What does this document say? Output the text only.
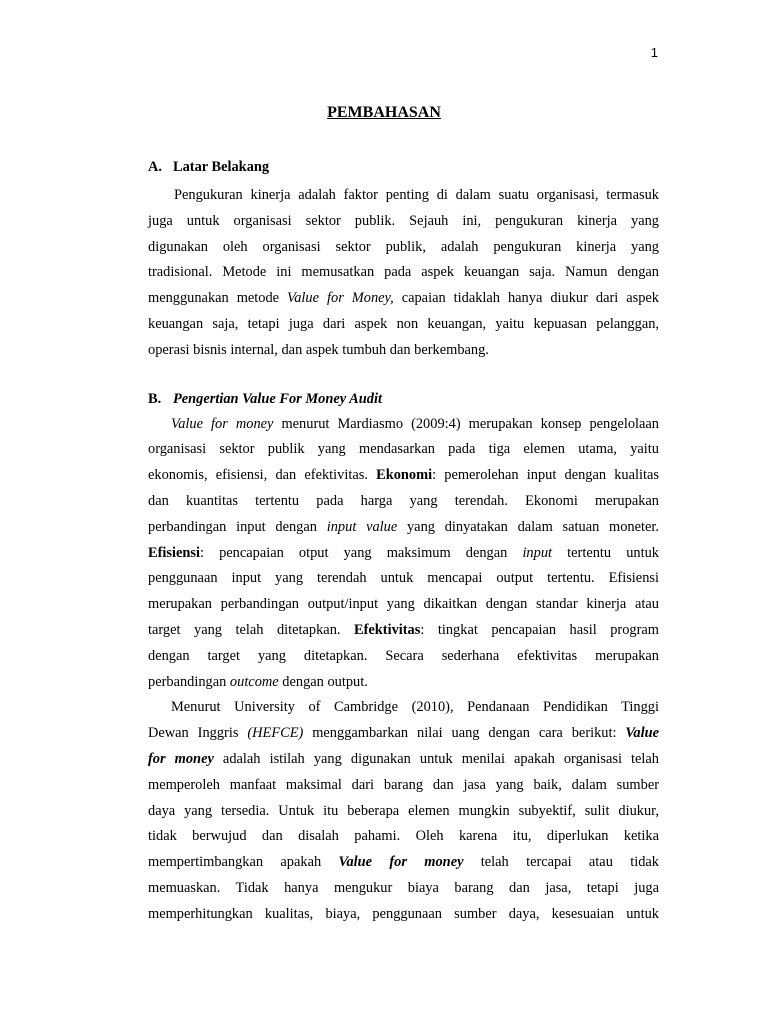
1
PEMBAHASAN

A. Latar Belakang

Pengukuran kinerja adalah faktor penting di dalam suatu organisasi, termasuk
juga untuk organisasi sektor publik. Sejauh ini, pengukuran kinerja yang
digunakan oleh organisasi sektor publik, adalah pengukuran kinerja yang
tradisional. Metode ini memusatkan pada aspek keuangan saja. Namun dengan
menggunakan metode Value for Money, capaian tidaklah hanya diukur dari aspek
keuangan saja, tetapi juga dari aspek non keuangan, yaitu kepuasan pelanggan,
operasi bisnis internal, dan aspek tumbuh dan berkembang.

B. Pengertian Value For Money Audit

Value for money menurut Mardiasmo (2009:4) merupakan konsep pengelolaan
organisasi sektor publik yang mendasarkan pada tiga elemen utama, yaitu
ekonomis, efisiensi, dan efektivitas. Ekonomi: pemerolehan input dengan kualitas
dan kuantitas tertentu pada harga yang terendah. Ekonomi merupakan
perbandingan input dengan input value yang dinyatakan dalam satuan moneter.
Efisiensi: pencapaian otput yang maksimum dengan input tertentu untuk
penggunaan input yang terendah untuk mencapai output tertentu. Efisiensi
merupakan perbandingan output/input yang dikaitkan dengan standar kinerja atau
target yang telah ditetapkan. Efektivitas: tingkat pencapaian hasil program
dengan target yang ditetapkan. Secara sederhana efektivitas merupakan
perbandingan outcome dengan output.

Menurut University of Cambridge (2010), Pendanaan Pendidikan Tinggi
Dewan Inggris (HEFCE) menggambarkan nilai uang dengan cara berikut: Value
for money adalah istilah yang digunakan untuk menilai apakah organisasi telah
memperoleh manfaat maksimal dari barang dan jasa yang baik, dalam sumber
daya yang tersedia. Untuk itu beberapa elemen mungkin subyektif, sulit diukur,
tidak berwujud dan disalah pahami. Oleh karena itu, diperlukan ketika
mempertimbangkan apakah Value for money telah tercapai atau tidak
memuaskan. Tidak hanya mengukur biaya barang dan jasa, tetapi juga
memperhitungkan kualitas, biaya, penggunaan sumber daya, kesesuaian untuk
